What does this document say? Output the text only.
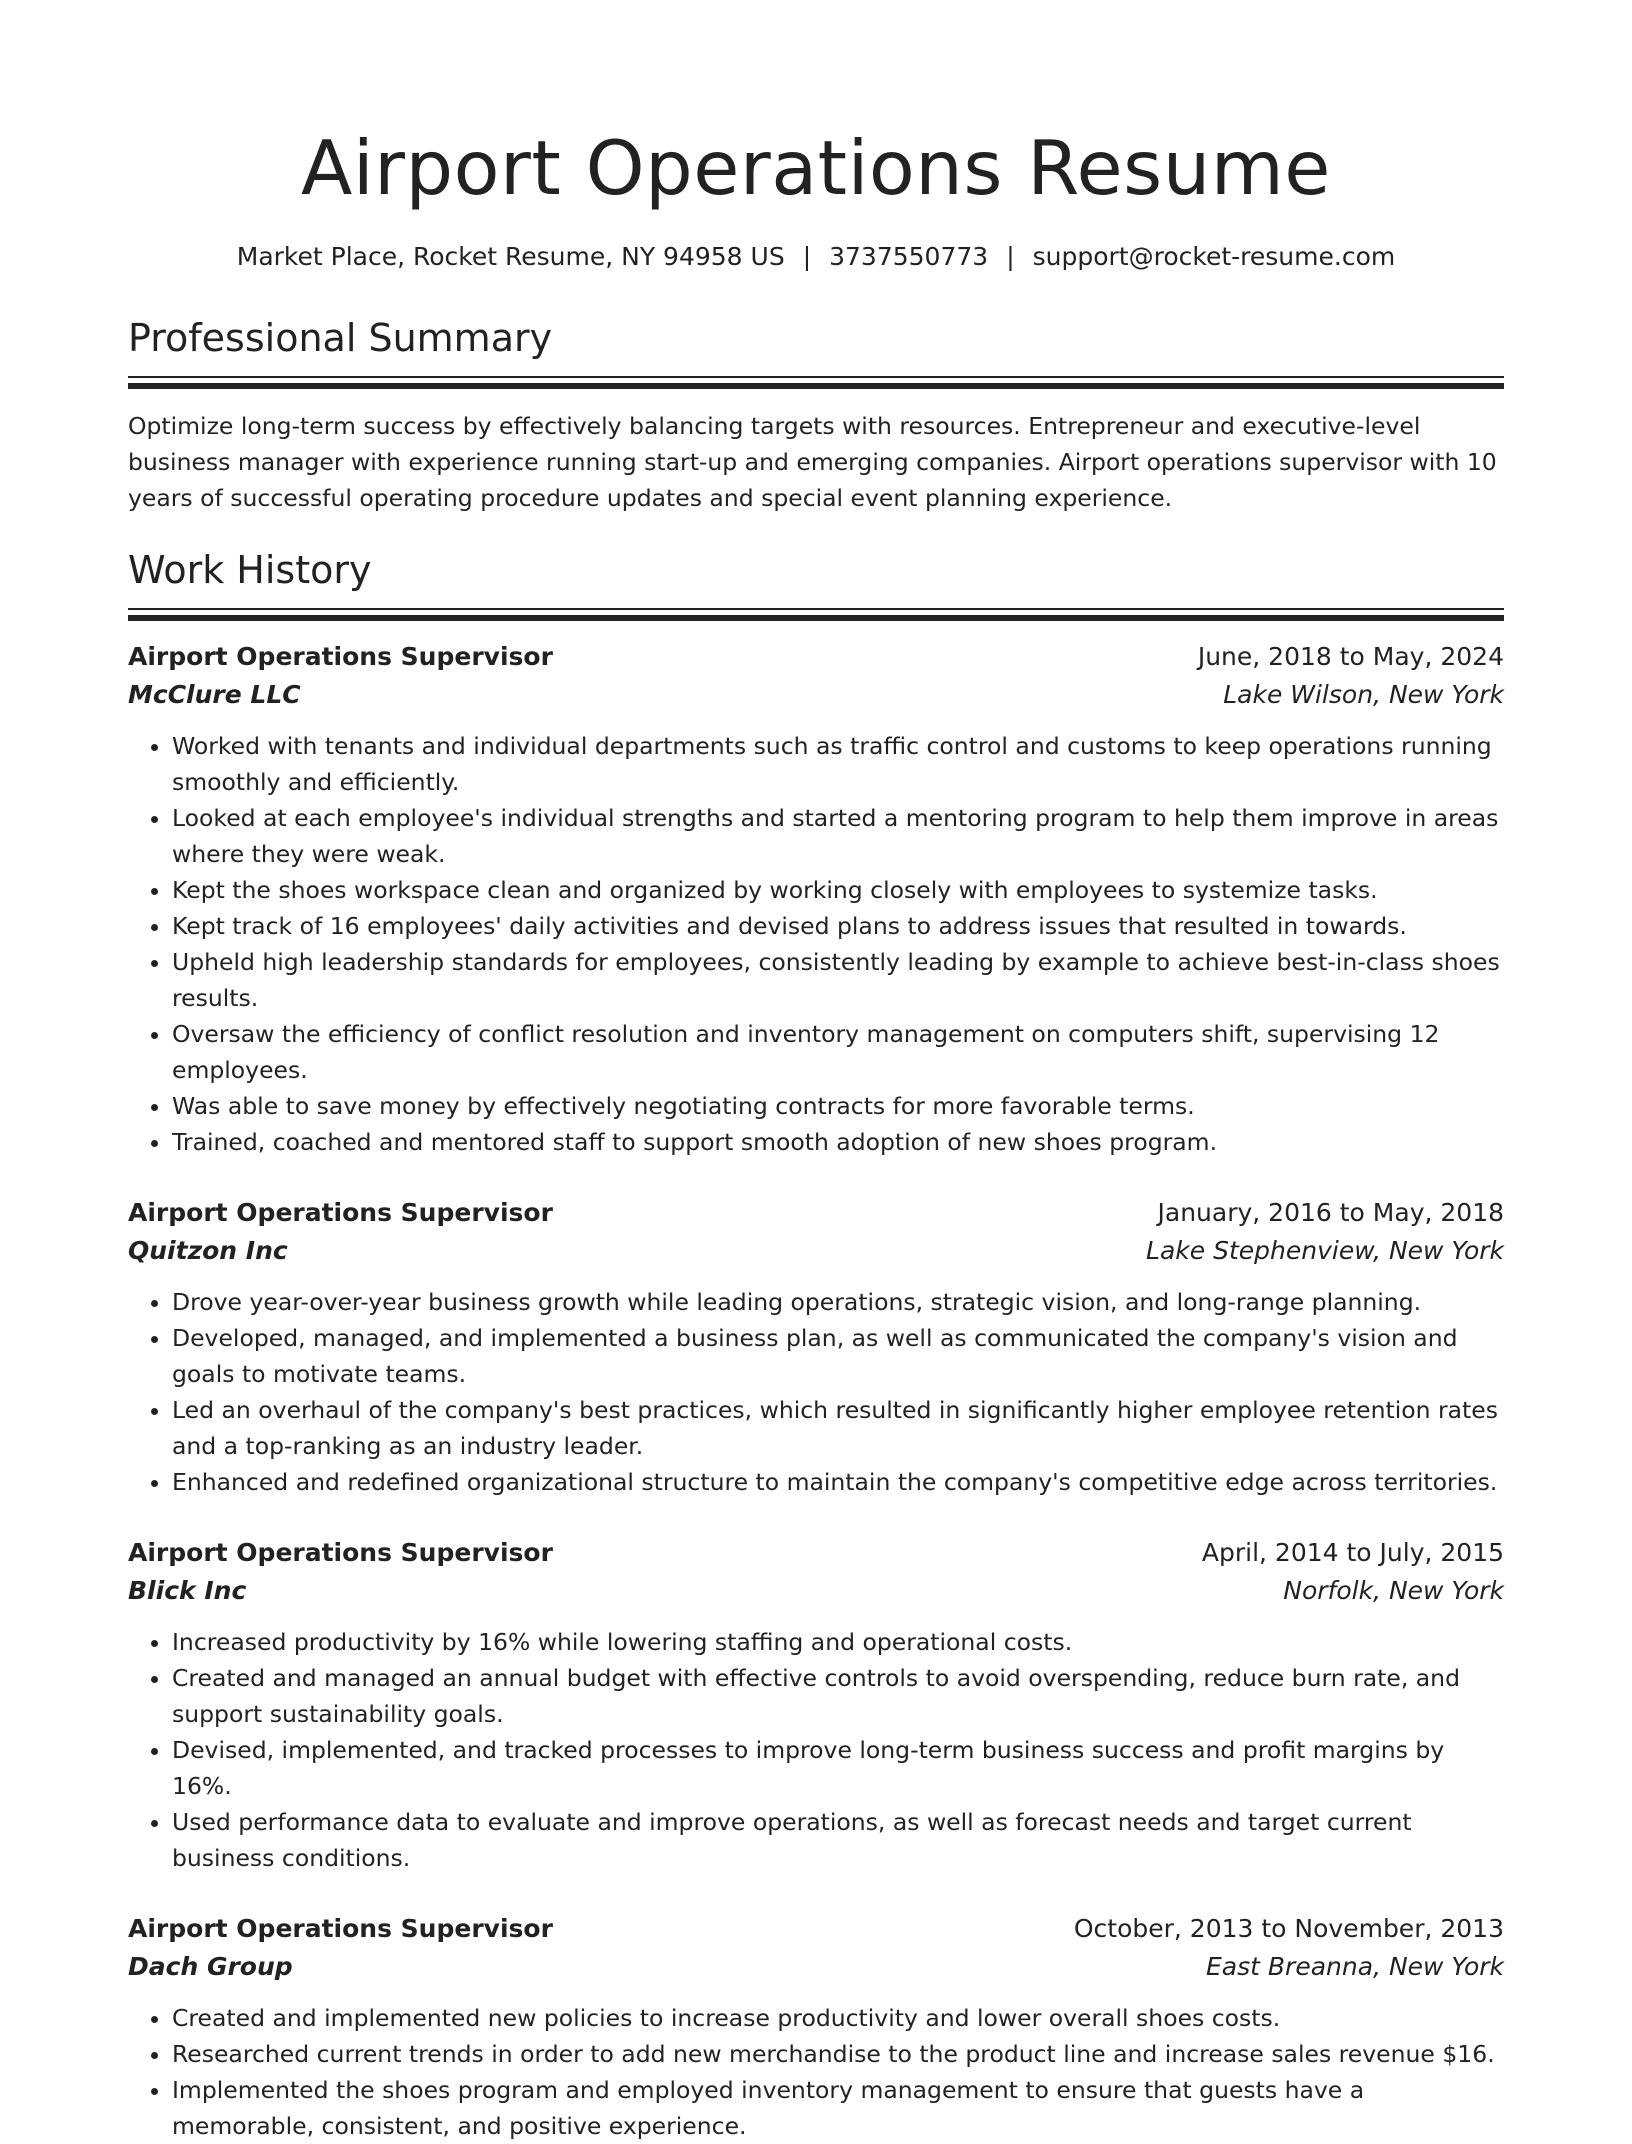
Airport Operations Resume
Market Place, Rocket Resume, NY 94958 US | 3737550773 | support@rocket-resume.com
Professional Summary

Optimize long-term success by effectively balancing targets with resources. Entrepreneur and executive-level business manager with experience running start-up and emerging companies. Airport operations supervisor with 10 years of successful operating procedure updates and special event planning experience.

Work History
Airport Operations Supervisor	June, 2018 to May, 2024
McClure LLC	Lake Wilson, New York
• Worked with tenants and individual departments such as traffic control and customs to keep operations running smoothly and efficiently.
• Looked at each employee's individual strengths and started a mentoring program to help them improve in areas where they were weak.
• Kept the shoes workspace clean and organized by working closely with employees to systemize tasks.
• Kept track of 16 employees' daily activities and devised plans to address issues that resulted in towards.
• Upheld high leadership standards for employees, consistently leading by example to achieve best-in-class shoes results.
• Oversaw the efficiency of conflict resolution and inventory management on computers shift, supervising 12 employees.
• Was able to save money by effectively negotiating contracts for more favorable terms.
• Trained, coached and mentored staff to support smooth adoption of new shoes program.
Airport Operations Supervisor	January, 2016 to May, 2018
Quitzon Inc	Lake Stephenview, New York
• Drove year-over-year business growth while leading operations, strategic vision, and long-range planning.
• Developed, managed, and implemented a business plan, as well as communicated the company's vision and goals to motivate teams.
• Led an overhaul of the company's best practices, which resulted in significantly higher employee retention rates and a top-ranking as an industry leader.
• Enhanced and redefined organizational structure to maintain the company's competitive edge across territories.
Airport Operations Supervisor	April, 2014 to July, 2015
Blick Inc	Norfolk, New York
• Increased productivity by 16% while lowering staffing and operational costs.
• Created and managed an annual budget with effective controls to avoid overspending, reduce burn rate, and support sustainability goals.
• Devised, implemented, and tracked processes to improve long-term business success and profit margins by 16%.
• Used performance data to evaluate and improve operations, as well as forecast needs and target current business conditions.
Airport Operations Supervisor	October, 2013 to November, 2013
Dach Group	East Breanna, New York
• Created and implemented new policies to increase productivity and lower overall shoes costs.
• Researched current trends in order to add new merchandise to the product line and increase sales revenue $16.
• Implemented the shoes program and employed inventory management to ensure that guests have a memorable, consistent, and positive experience.
